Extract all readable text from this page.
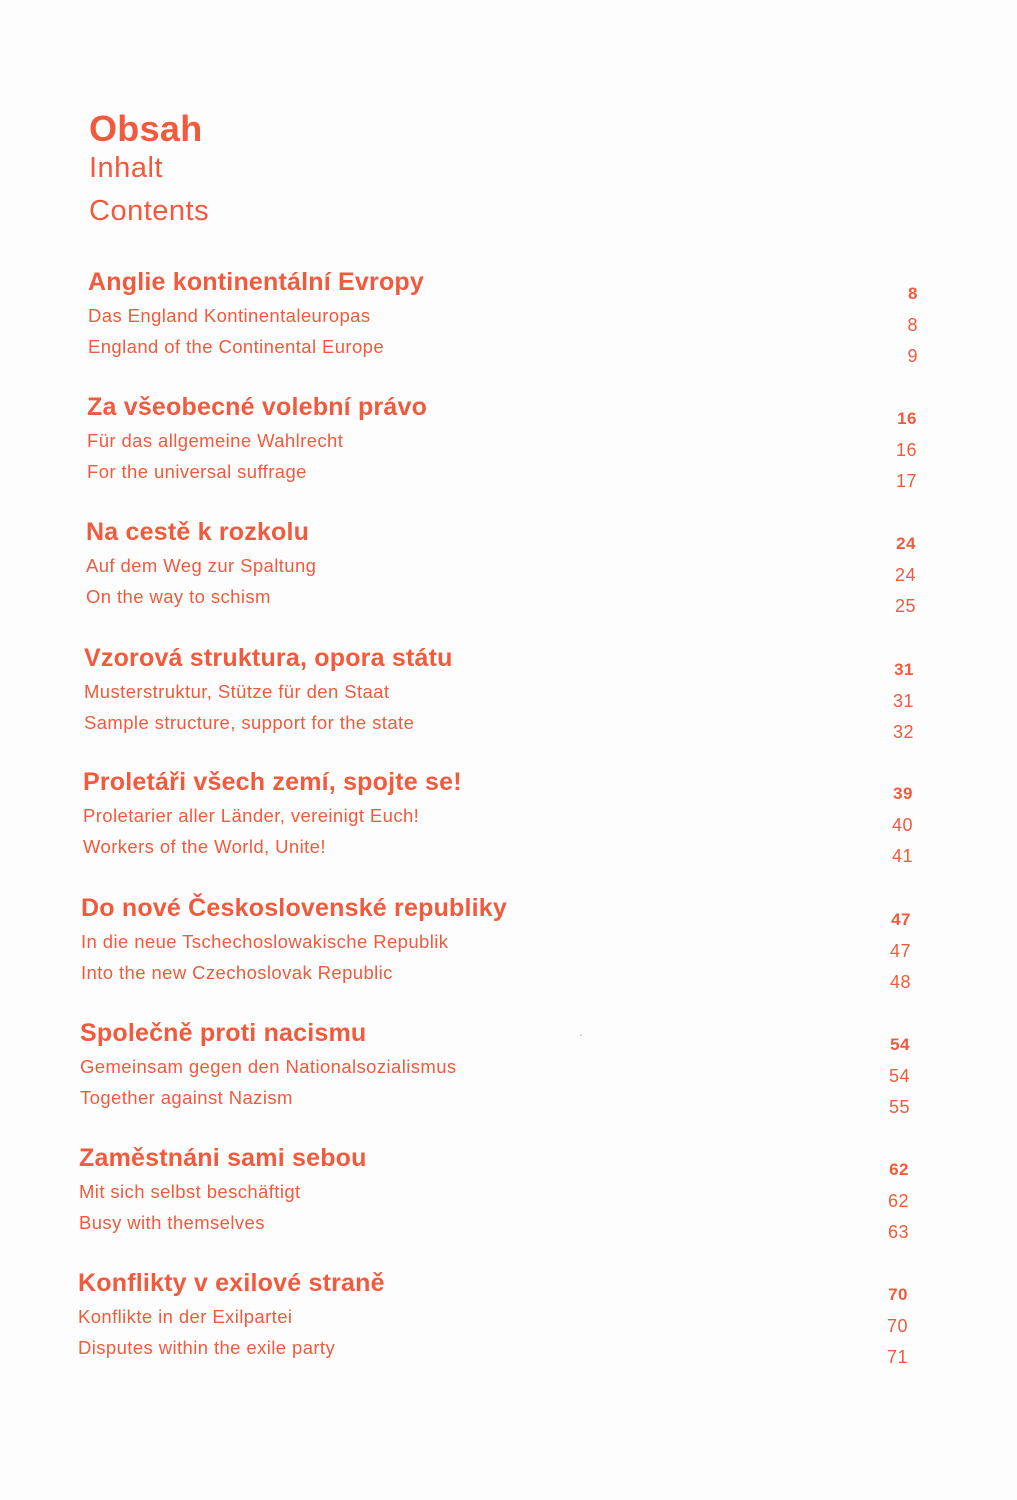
Obsah
Inhalt
Contents
Anglie kontinentální Evropy
Das England Kontinentaleuropas
England of the Continental Europe
8
8
9
Za všeobecné volební právo
Für das allgemeine Wahlrecht
For the universal suffrage
16
16
17
Na cestě k rozkolu
Auf dem Weg zur Spaltung
On the way to schism
24
24
25
Vzorová struktura, opora státu
Musterstruktur, Stütze für den Staat
Sample structure, support for the state
31
31
32
Proletáři všech zemí, spojte se!
Proletarier aller Länder, vereinigt Euch!
Workers of the World, Unite!
39
40
41
Do nové Československé republiky
In die neue Tschechoslowakische Republik
Into the new Czechoslovak Republic
47
47
48
Společně proti nacismu
Gemeinsam gegen den Nationalsozialismus
Together against Nazism
54
54
55
Zaměstnáni sami sebou
Mit sich selbst beschäftigt
Busy with themselves
62
62
63
Konflikty v exilové straně
Konflikte in der Exilpartei
Disputes within the exile party
70
70
71
